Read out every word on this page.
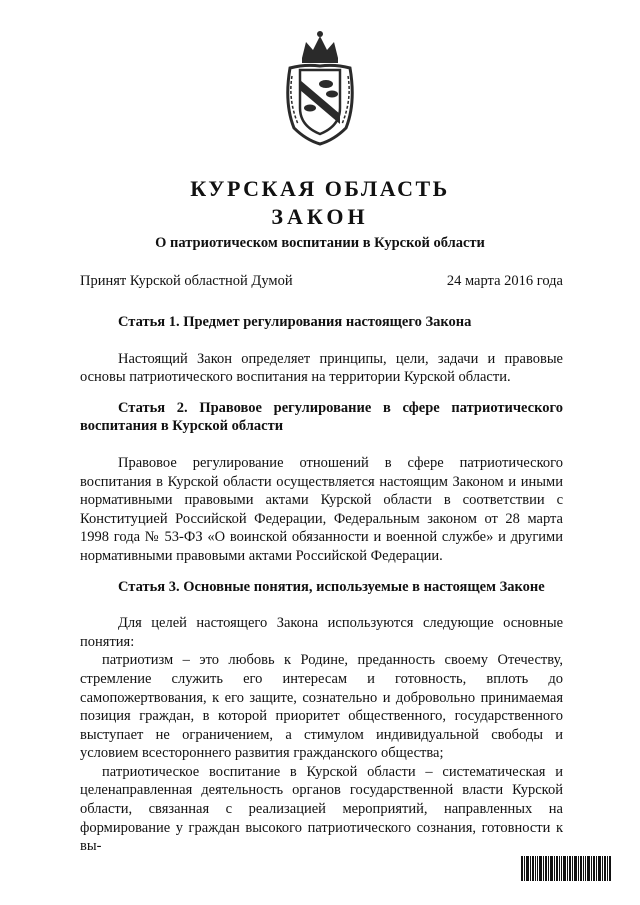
КУРСКАЯ ОБЛАСТЬ
ЗАКОН
О патриотическом воспитании в Курской области
Принят Курской областной Думой	24 марта 2016 года

Статья 1. Предмет регулирования настоящего Закона

Настоящий Закон определяет принципы, цели, задачи и правовые основы патриотического воспитания на территории Курской области.

Статья 2. Правовое регулирование в сфере патриотического воспитания в Курской области

Правовое регулирование отношений в сфере патриотического воспитания в Курской области осуществляется настоящим Законом и иными нормативными правовыми актами Курской области в соответствии с Конституцией Российской Федерации, Федеральным законом от 28 марта 1998 года № 53-ФЗ «О воинской обязанности и военной службе» и другими нормативными правовыми актами Российской Федерации.

Статья 3. Основные понятия, используемые в настоящем Законе

Для целей настоящего Закона используются следующие основные понятия:

патриотизм – это любовь к Родине, преданность своему Отечеству, стремление служить его интересам и готовность, вплоть до самопожертвования, к его защите, сознательно и добровольно принимаемая позиция граждан, в которой приоритет общественного, государственного выступает не ограничением, а стимулом индивидуальной свободы и условием всестороннего развития гражданского общества;

патриотическое воспитание в Курской области – систематическая и целенаправленная деятельность органов государственной власти Курской области, связанная с реализацией мероприятий, направленных на формирование у граждан высокого патриотического сознания, готовности к вы-
